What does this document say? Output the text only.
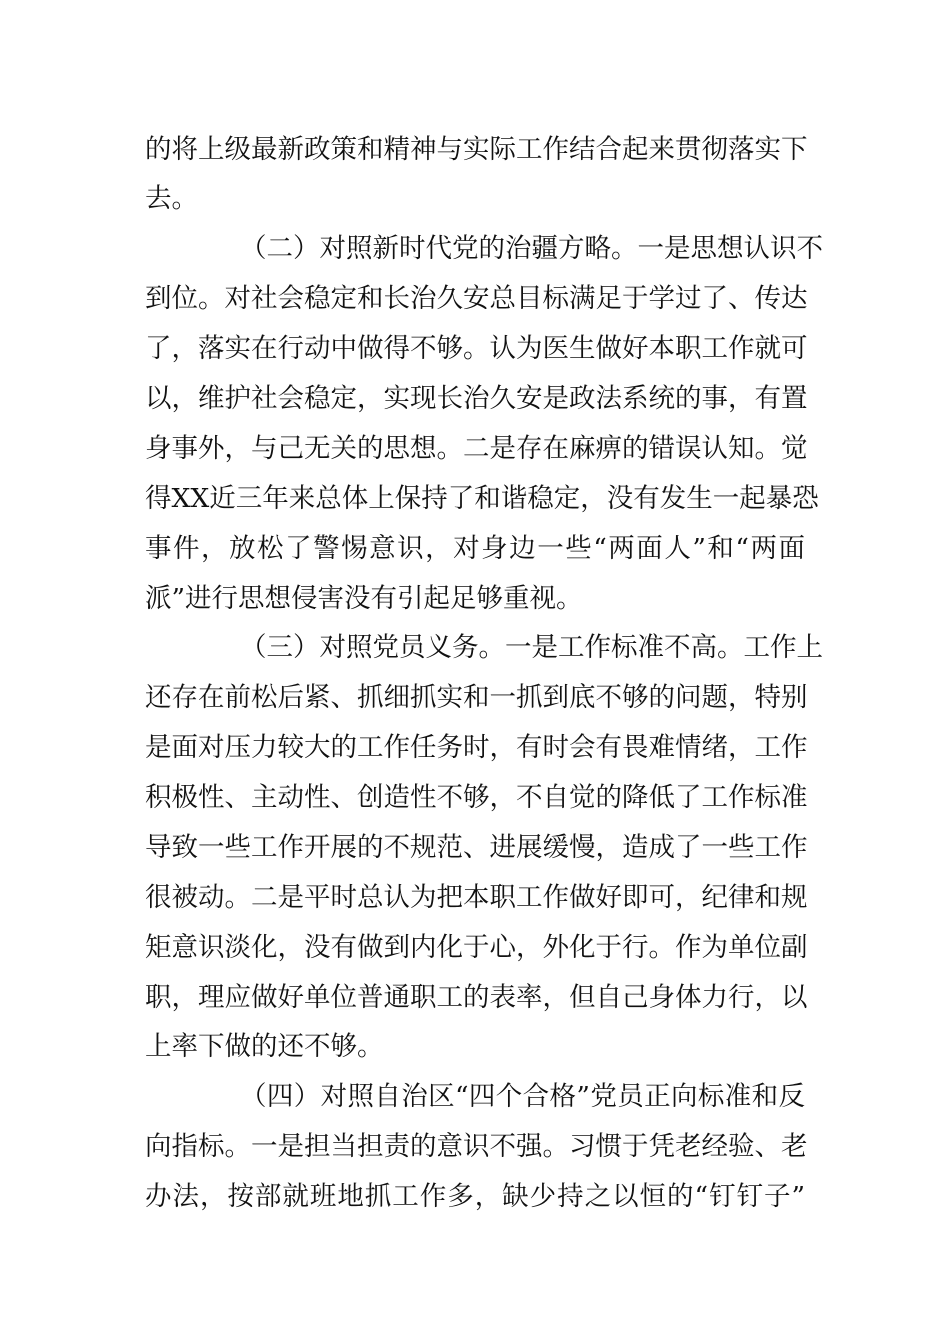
的将上级最新政策和精神与实际工作结合起来贯彻落实下
去。
（二）对照新时代党的治疆方略。一是思想认识不
到位。对社会稳定和长治久安总目标满足于学过了、传达
了，落实在行动中做得不够。认为医生做好本职工作就可
以，维护社会稳定，实现长治久安是政法系统的事，有置
身事外，与己无关的思想。二是存在麻痹的错误认知。觉
得XX近三年来总体上保持了和谐稳定，没有发生一起暴恐
事件，放松了警惕意识，对身边一些“两面人”和“两面
派”进行思想侵害没有引起足够重视。
（三）对照党员义务。一是工作标准不高。工作上
还存在前松后紧、抓细抓实和一抓到底不够的问题，特别
是面对压力较大的工作任务时，有时会有畏难情绪，工作
积极性、主动性、创造性不够，不自觉的降低了工作标准
导致一些工作开展的不规范、进展缓慢，造成了一些工作
很被动。二是平时总认为把本职工作做好即可，纪律和规
矩意识淡化，没有做到内化于心，外化于行。作为单位副
职，理应做好单位普通职工的表率，但自己身体力行，以
上率下做的还不够。
（四）对照自治区“四个合格”党员正向标准和反
向指标。一是担当担责的意识不强。习惯于凭老经验、老
办法，按部就班地抓工作多，缺少持之以恒的“钉钉子”
